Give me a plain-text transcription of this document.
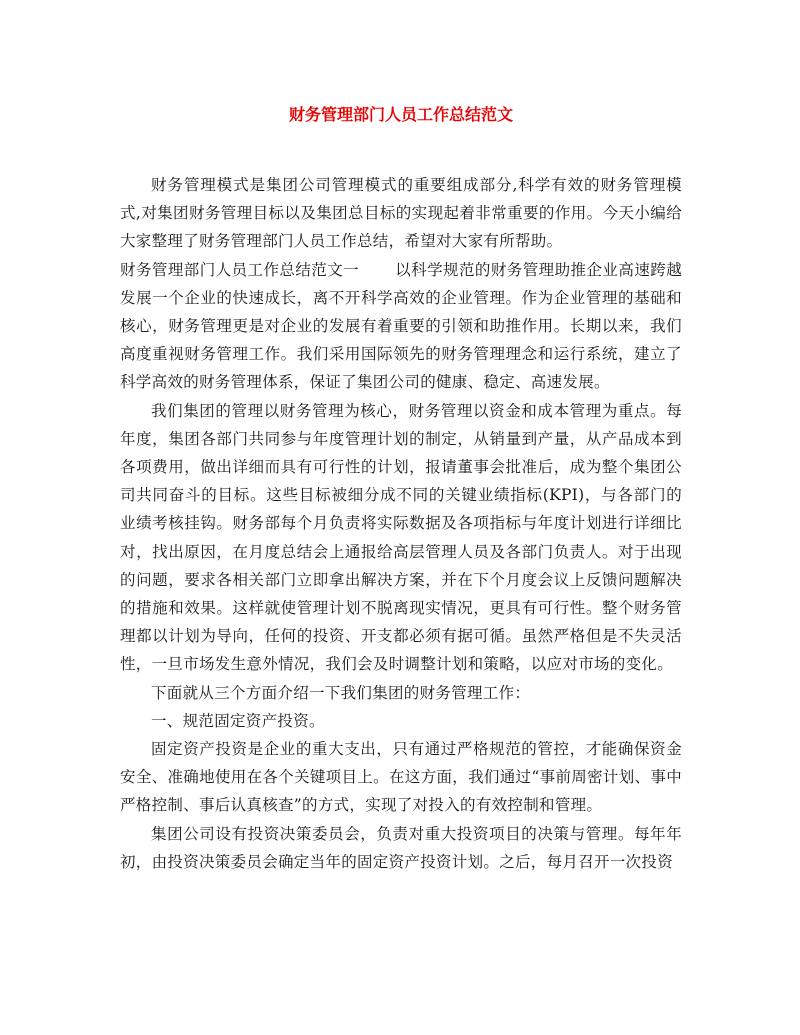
财务管理部门人员工作总结范文

财务管理模式是集团公司管理模式的重要组成部分,科学有效的财务管理模式,对集团财务管理目标以及集团总目标的实现起着非常重要的作用。今天小编给大家整理了财务管理部门人员工作总结，希望对大家有所帮助。

财务管理部门人员工作总结范文一 以科学规范的财务管理助推企业高速跨越发展一个企业的快速成长，离不开科学高效的企业管理。作为企业管理的基础和核心，财务管理更是对企业的发展有着重要的引领和助推作用。长期以来，我们高度重视财务管理工作。我们采用国际领先的财务管理理念和运行系统，建立了科学高效的财务管理体系，保证了集团公司的健康、稳定、高速发展。

我们集团的管理以财务管理为核心，财务管理以资金和成本管理为重点。每年度，集团各部门共同参与年度管理计划的制定，从销量到产量，从产品成本到各项费用，做出详细而具有可行性的计划，报请董事会批准后，成为整个集团公司共同奋斗的目标。这些目标被细分成不同的关键业绩指标(KPI)，与各部门的业绩考核挂钩。财务部每个月负责将实际数据及各项指标与年度计划进行详细比对，找出原因，在月度总结会上通报给高层管理人员及各部门负责人。对于出现的问题，要求各相关部门立即拿出解决方案，并在下个月度会议上反馈问题解决的措施和效果。这样就使管理计划不脱离现实情况，更具有可行性。整个财务管理都以计划为导向，任何的投资、开支都必须有据可循。虽然严格但是不失灵活性，一旦市场发生意外情况，我们会及时调整计划和策略，以应对市场的变化。

下面就从三个方面介绍一下我们集团的财务管理工作：

一、规范固定资产投资。

固定资产投资是企业的重大支出，只有通过严格规范的管控，才能确保资金安全、准确地使用在各个关键项目上。在这方面，我们通过“事前周密计划、事中严格控制、事后认真核查”的方式，实现了对投入的有效控制和管理。

集团公司设有投资决策委员会，负责对重大投资项目的决策与管理。每年年初，由投资决策委员会确定当年的固定资产投资计划。之后，每月召开一次投资
